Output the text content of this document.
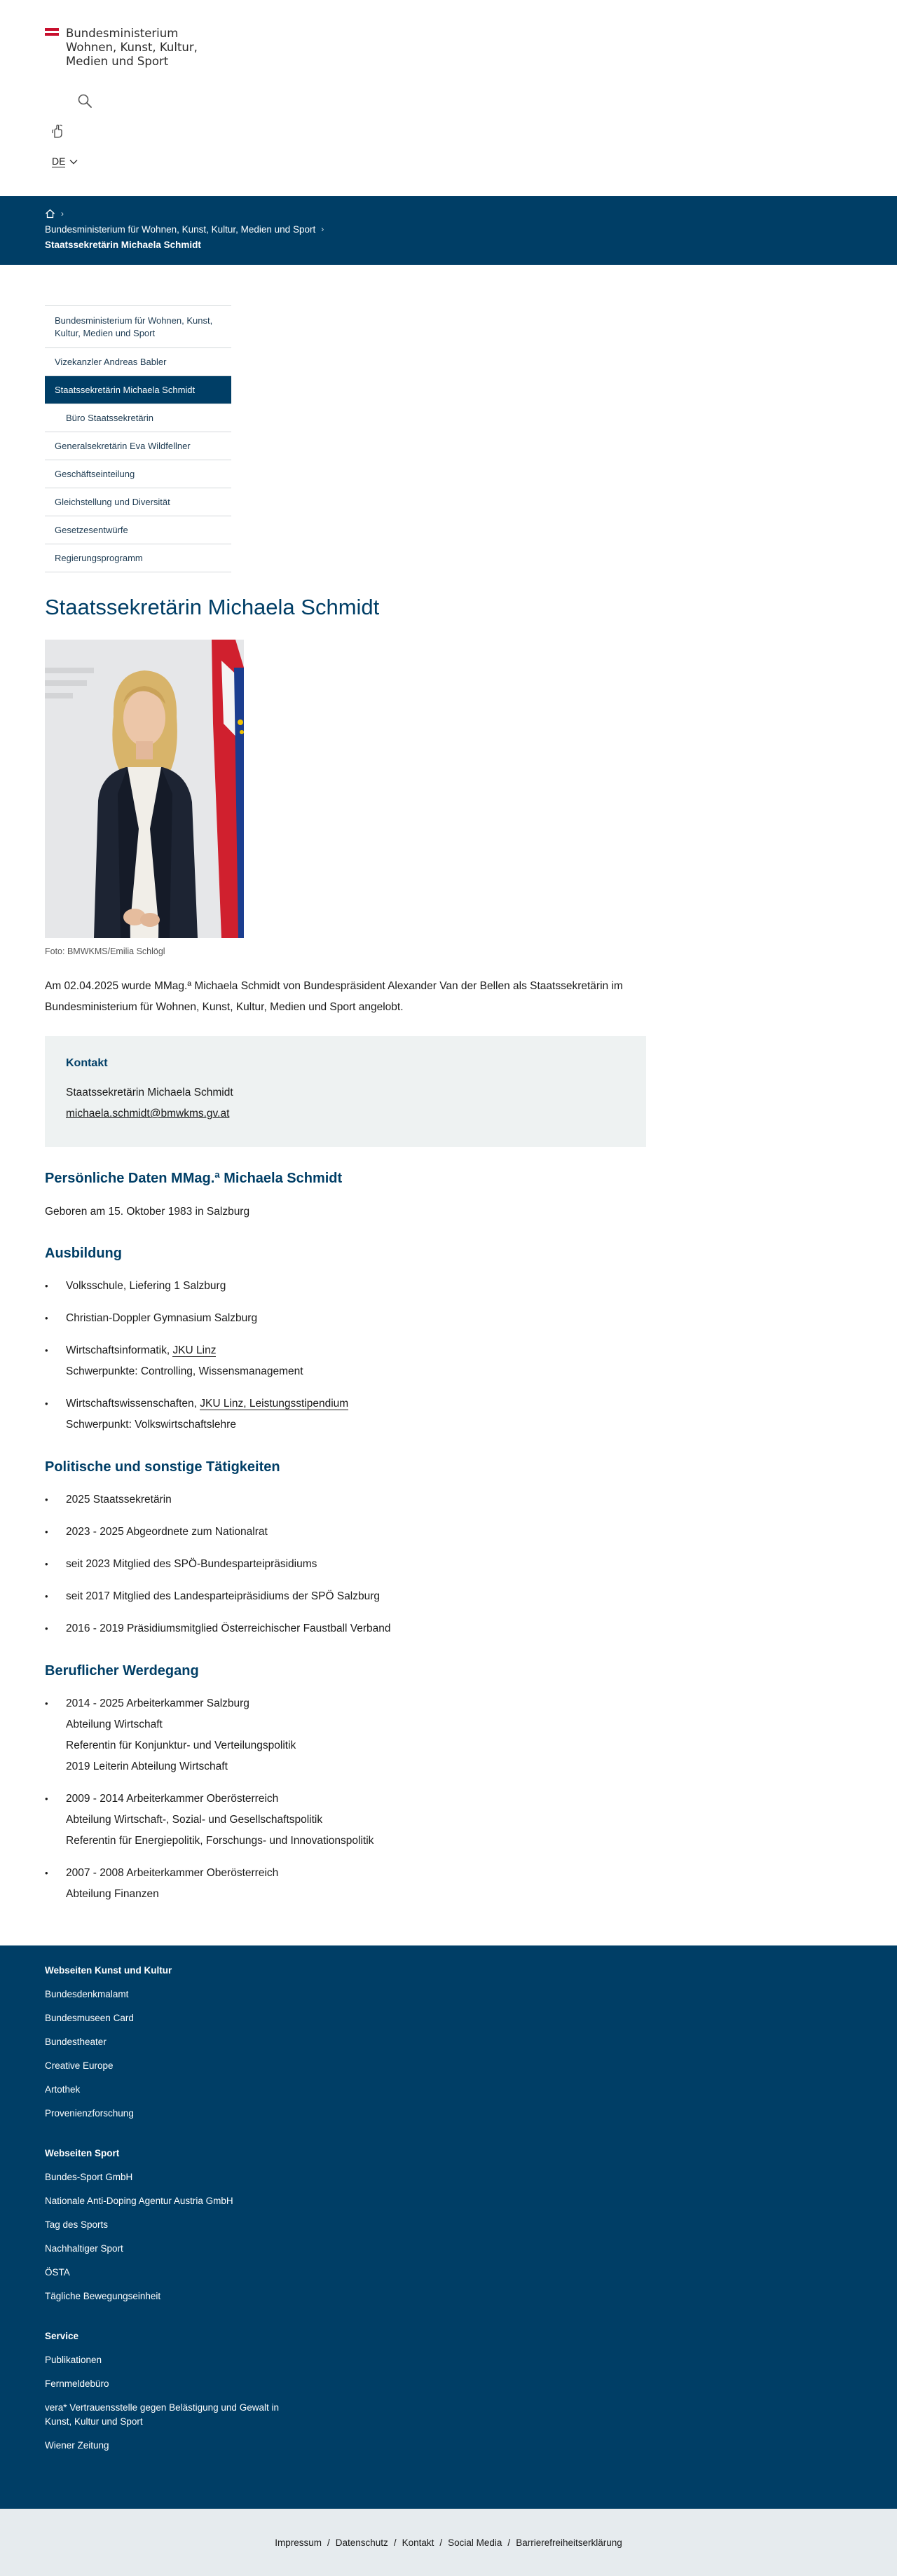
Bundesministerium
Wohnen, Kunst, Kultur,
Medien und Sport
DE
›
Bundesministerium für Wohnen, Kunst, Kultur, Medien und Sport ›
Staatssekretärin Michaela Schmidt
Bundesministerium für Wohnen, Kunst, Kultur, Medien und Sport
Vizekanzler Andreas Babler
Staatssekretärin Michaela Schmidt
Büro Staatssekretärin
Generalsekretärin Eva Wildfellner
Geschäftseinteilung
Gleichstellung und Diversität
Gesetzesentwürfe
Regierungsprogramm
Staatssekretärin Michaela Schmidt
Foto: BMWKMS/Emilia Schlögl

Am 02.04.2025 wurde MMag.ª Michaela Schmidt von Bundespräsident Alexander Van der Bellen als Staatssekretärin im Bundesministerium für Wohnen, Kunst, Kultur, Medien und Sport angelobt.

Kontakt

Staatssekretärin Michaela Schmidt

michaela.schmidt@bmwkms.gv.at

Persönliche Daten MMag.ª Michaela Schmidt

Geboren am 15. Oktober 1983 in Salzburg

Ausbildung
• Volksschule, Liefering 1 Salzburg
• Christian-Doppler Gymnasium Salzburg
• Wirtschaftsinformatik, JKU Linz
Schwerpunkte: Controlling, Wissensmanagement
• Wirtschaftswissenschaften, JKU Linz, Leistungsstipendium
Schwerpunkt: Volkswirtschaftslehre
Politische und sonstige Tätigkeiten
• 2025 Staatssekretärin
• 2023 - 2025 Abgeordnete zum Nationalrat
• seit 2023 Mitglied des SPÖ-Bundesparteipräsidiums
• seit 2017 Mitglied des Landesparteipräsidiums der SPÖ Salzburg
• 2016 - 2019 Präsidiumsmitglied Österreichischer Faustball Verband
Beruflicher Werdegang
• 2014 - 2025 Arbeiterkammer Salzburg
Abteilung Wirtschaft
Referentin für Konjunktur- und Verteilungspolitik
2019 Leiterin Abteilung Wirtschaft
• 2009 - 2014 Arbeiterkammer Oberösterreich
Abteilung Wirtschaft-, Sozial- und Gesellschaftspolitik
Referentin für Energiepolitik, Forschungs- und Innovationspolitik
• 2007 - 2008 Arbeiterkammer Oberösterreich
Abteilung Finanzen
Webseiten Kunst und Kultur
Bundesdenkmalamt
Bundesmuseen Card
Bundestheater
Creative Europe
Artothek
Provenienzforschung
Webseiten Sport
Bundes-Sport GmbH
Nationale Anti-Doping Agentur Austria GmbH
Tag des Sports
Nachhaltiger Sport
ÖSTA
Tägliche Bewegungseinheit
Service
Publikationen
Fernmeldebüro
vera* Vertrauensstelle gegen Belästigung und Gewalt in Kunst, Kultur und Sport
Wiener Zeitung
Impressum / Datenschutz / Kontakt / Social Media / Barrierefreiheitserklärung
